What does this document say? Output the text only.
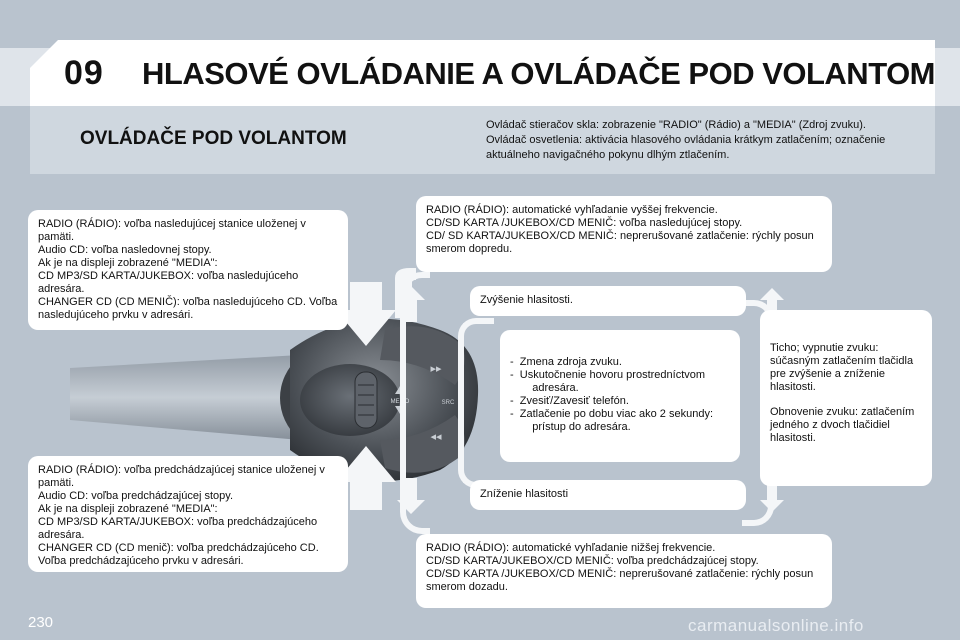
09 HLASOVÉ OVLÁDANIE A OVLÁDAČE POD VOLANTOM
OVLÁDAČE POD VOLANTOM
Ovládač stieračov skla: zobrazenie "RADIO" (Rádio) a "MEDIA" (Zdroj zvuku).
Ovládač osvetlenia: aktivácia hlasového ovládania krátkym zatlačením; označenie aktuálneho navigačného pokynu dlhým ztlačením.
MEMO	SRC
▸▸
◂◂
RADIO (RÁDIO): voľba nasledujúcej stanice uloženej v pamäti.
Audio CD: voľba nasledovnej stopy.
Ak je na displeji zobrazené "MEDIA":
CD MP3/SD KARTA/JUKEBOX: voľba nasledujúceho adresára.
CHANGER CD (CD MENIČ): voľba nasledujúceho CD. Voľba nasledujúceho prvku v adresári.
RADIO (RÁDIO): voľba predchádzajúcej stanice uloženej v pamäti.
Audio CD: voľba predchádzajúcej stopy.
Ak je na displeji zobrazené "MEDIA":
CD MP3/SD KARTA/JUKEBOX: voľba predchádzajúceho adresára.
CHANGER CD (CD menič): voľba predchádzajúceho CD. Voľba predchádzajúceho prvku v adresári.
RADIO (RÁDIO): automatické vyhľadanie vyššej frekvencie.
CD/SD KARTA /JUKEBOX/CD MENIČ: voľba nasledujúcej stopy.
CD/ SD KARTA/JUKEBOX/CD MENIČ: neprerušované zatlačenie: rýchly posun smerom dopredu.
RADIO (RÁDIO): automatické vyhľadanie nižšej frekvencie.
CD/SD KARTA/JUKEBOX/CD MENIČ: voľba predchádzajúcej stopy.
CD/SD KARTA /JUKEBOX/CD MENIČ: neprerušované zatlačenie: rýchly posun smerom dozadu.
Zvýšenie hlasitosti.
Zníženie hlasitosti
-  Zmena zdroja zvuku.
-  Uskutočnenie hovoru prostredníctvom
adresára.
-  Zvesiť/Zavesiť telefón.
-  Zatlačenie po dobu viac ako 2 sekundy:
prístup do adresára.
Ticho; vypnutie zvuku: súčasným zatlačením tlačidla pre zvýšenie a zníženie hlasitosti.
Obnovenie zvuku: zatlačením jedného z dvoch tlačidiel hlasitosti.
230	carmanualsonline.info
